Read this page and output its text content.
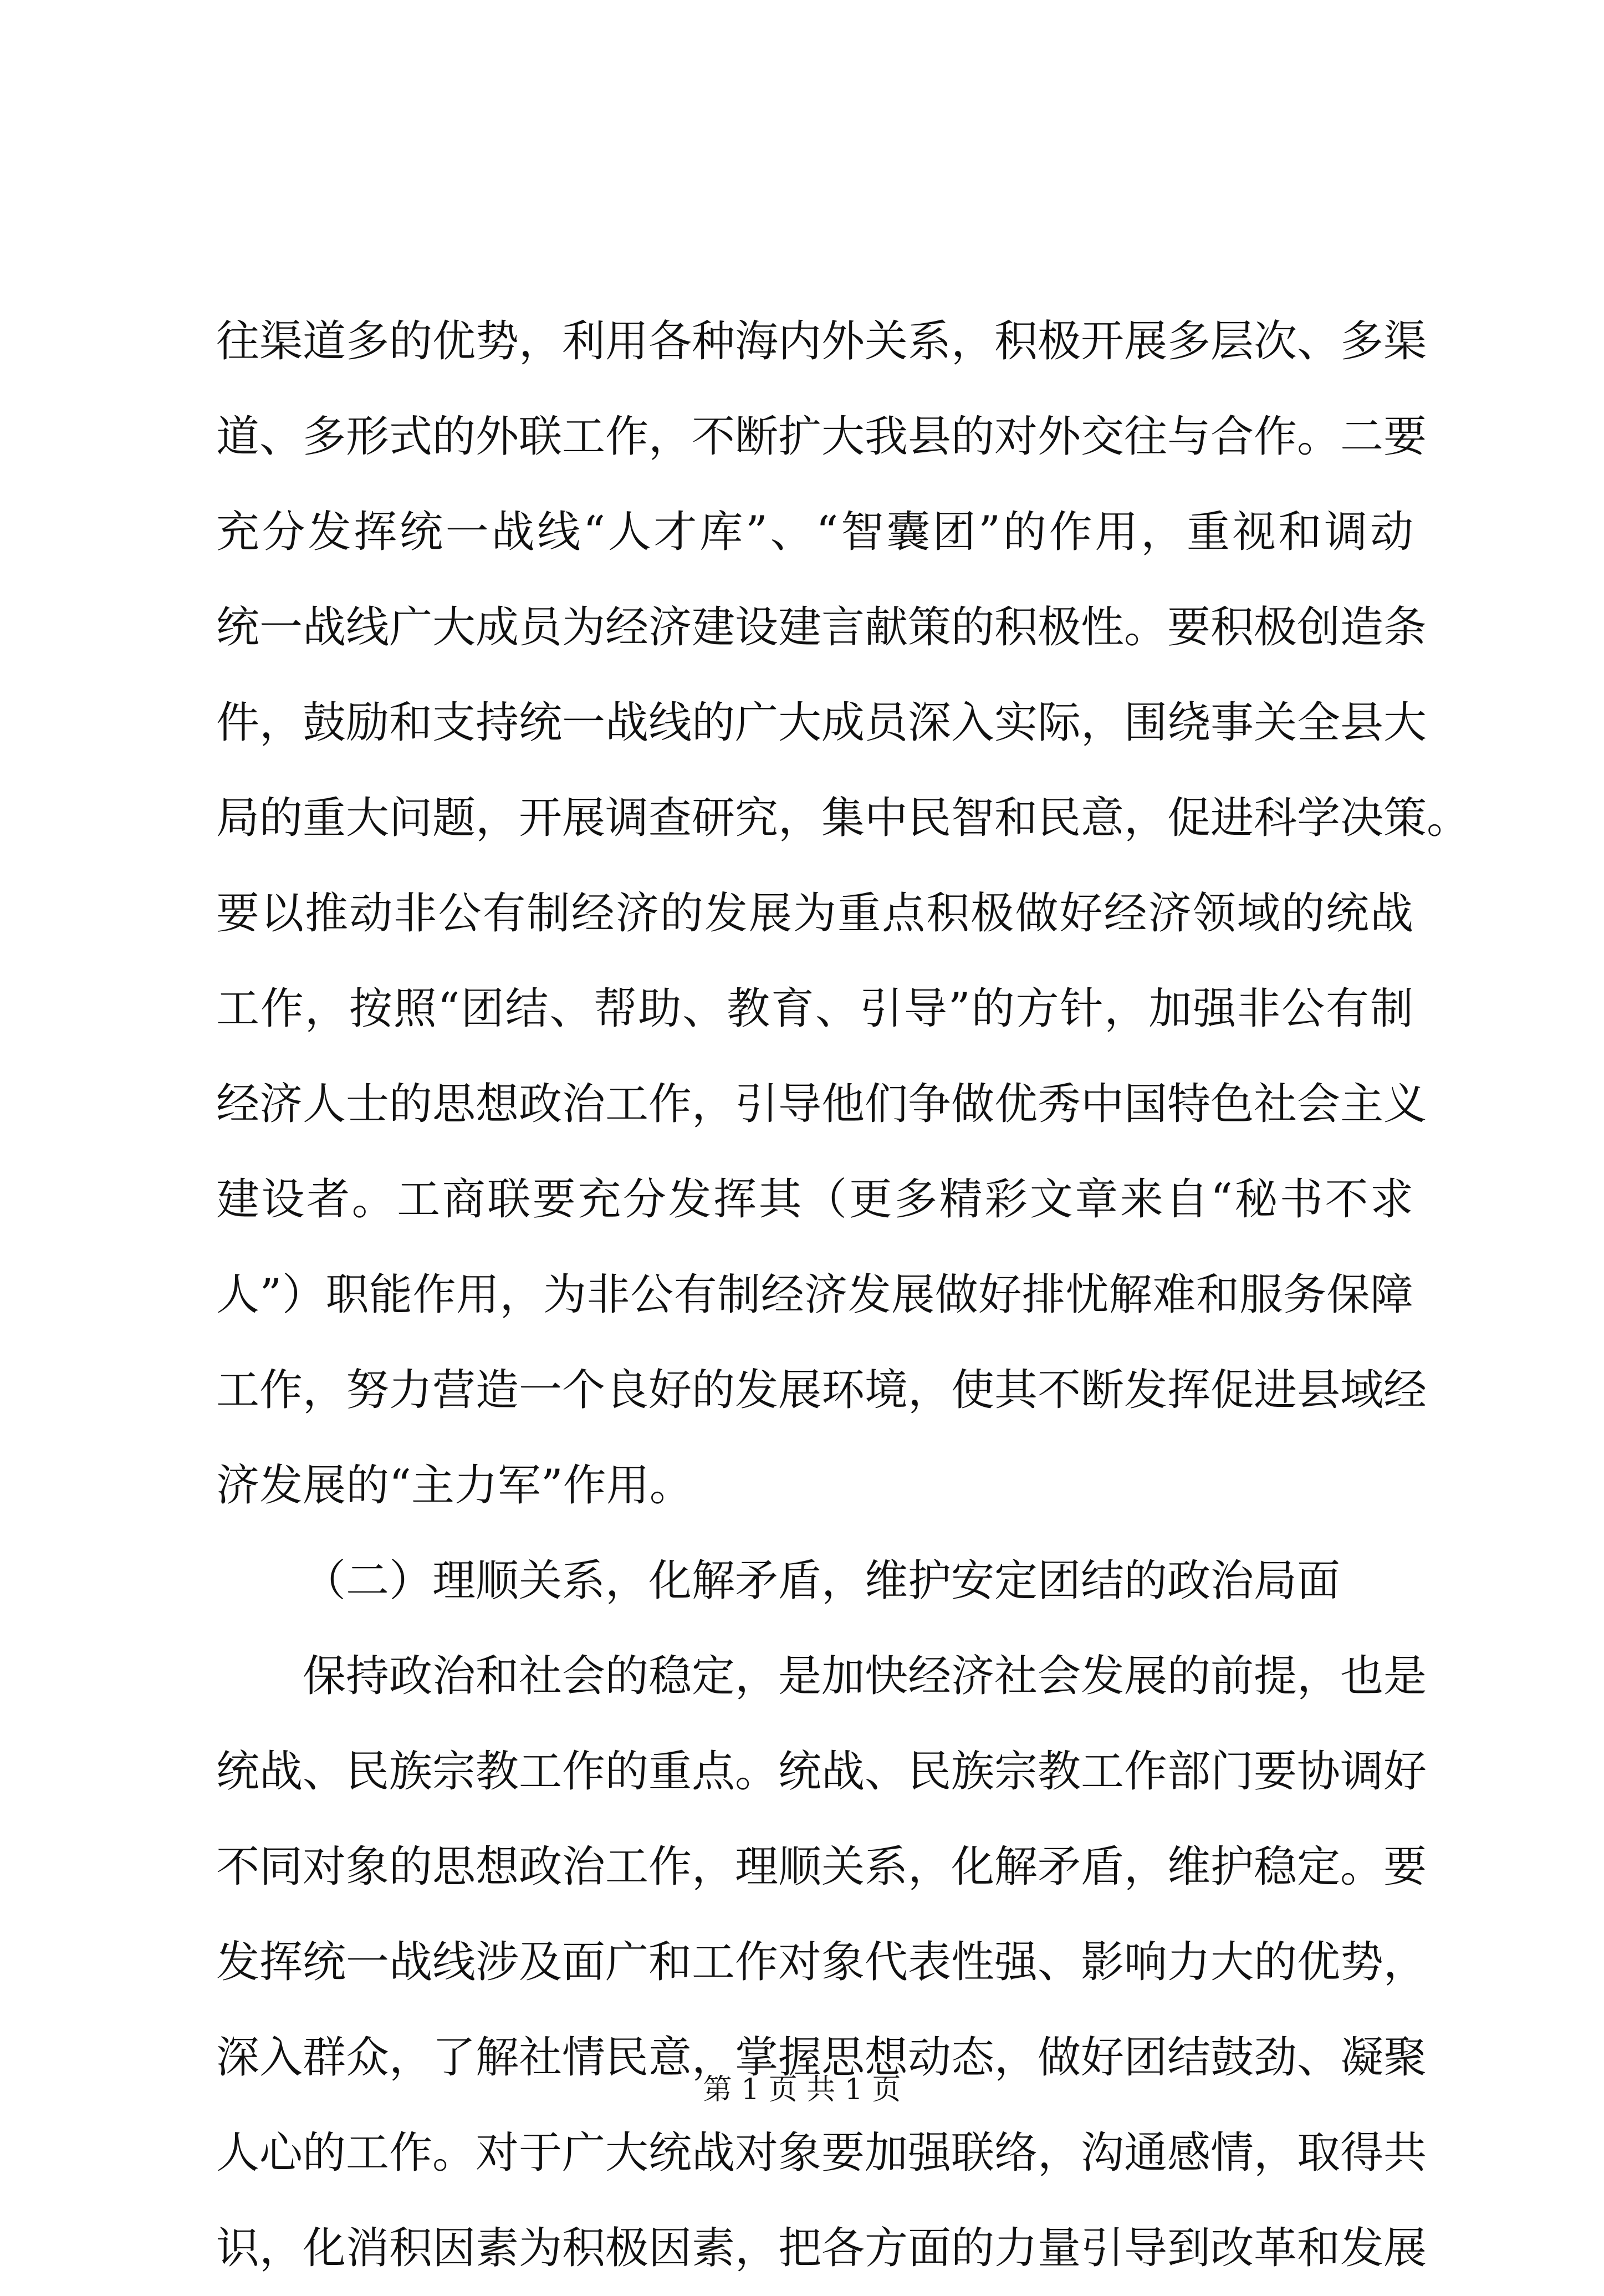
往渠道多的优势，利用各种海内外关系，积极开展多层次、多渠
道、多形式的外联工作，不断扩大我县的对外交往与合作。二要
充分发挥统一战线“人才库”、“智囊团”的作用，重视和调动
统一战线广大成员为经济建设建言献策的积极性。要积极创造条
件，鼓励和支持统一战线的广大成员深入实际，围绕事关全县大
局的重大问题，开展调查研究，集中民智和民意，促进科学决策。
要以推动非公有制经济的发展为重点积极做好经济领域的统战
工作，按照“团结、帮助、教育、引导”的方针，加强非公有制
经济人士的思想政治工作，引导他们争做优秀中国特色社会主义
建设者。工商联要充分发挥其（更多精彩文章来自“秘书不求
人”）职能作用，为非公有制经济发展做好排忧解难和服务保障
工作，努力营造一个良好的发展环境，使其不断发挥促进县域经
济发展的“主力军”作用。
（二）理顺关系，化解矛盾，维护安定团结的政治局面
保持政治和社会的稳定，是加快经济社会发展的前提，也是
统战、民族宗教工作的重点。统战、民族宗教工作部门要协调好
不同对象的思想政治工作，理顺关系，化解矛盾，维护稳定。要
发挥统一战线涉及面广和工作对象代表性强、影响力大的优势，
深入群众，了解社情民意，掌握思想动态，做好团结鼓劲、凝聚
人心的工作。对于广大统战对象要加强联络，沟通感情，取得共
识，化消积因素为积极因素，把各方面的力量引导到改革和发展
第 1 页 共 1 页
